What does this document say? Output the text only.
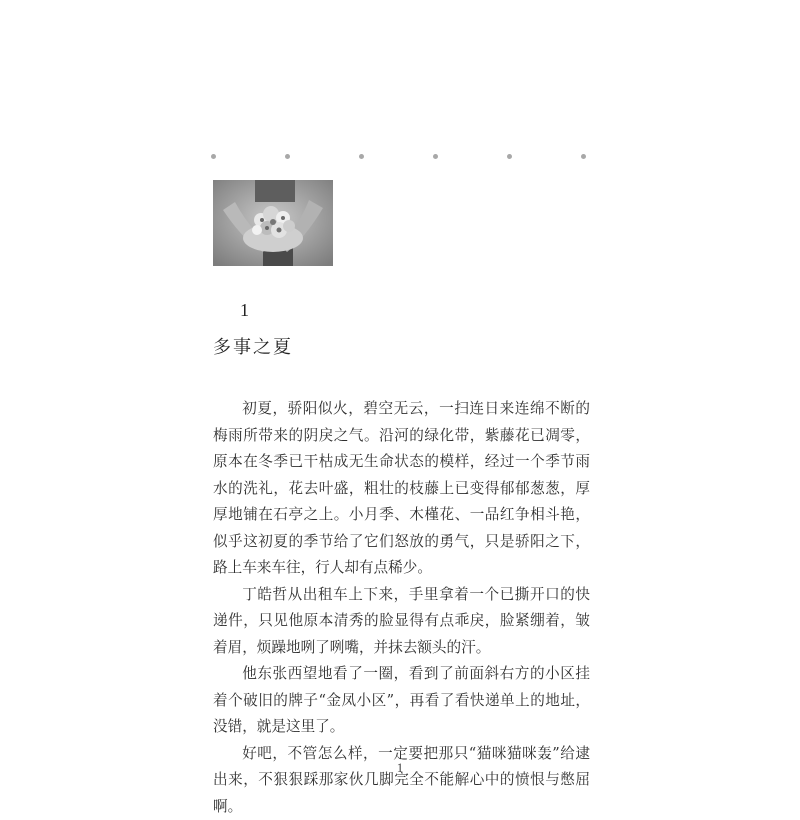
1
多事之夏

初夏，骄阳似火，碧空无云，一扫连日来连绵不断的梅雨所带来的阴戾之气。沿河的绿化带，紫藤花已凋零，原本在冬季已干枯成无生命状态的模样，经过一个季节雨水的洗礼，花去叶盛，粗壮的枝藤上已变得郁郁葱葱，厚厚地铺在石亭之上。小月季、木槿花、一品红争相斗艳，似乎这初夏的季节给了它们怒放的勇气，只是骄阳之下，路上车来车往，行人却有点稀少。

丁皓哲从出租车上下来，手里拿着一个已撕开口的快递件，只见他原本清秀的脸显得有点乖戾，脸紧绷着，皱着眉，烦躁地咧了咧嘴，并抹去额头的汗。

他东张西望地看了一圈，看到了前面斜右方的小区挂着个破旧的牌子“金凤小区”，再看了看快递单上的地址，没错，就是这里了。

好吧，不管怎么样，一定要把那只“猫咪猫咪轰”给逮出来，不狠狠踩那家伙几脚完全不能解心中的愤恨与憋屈啊。

1
